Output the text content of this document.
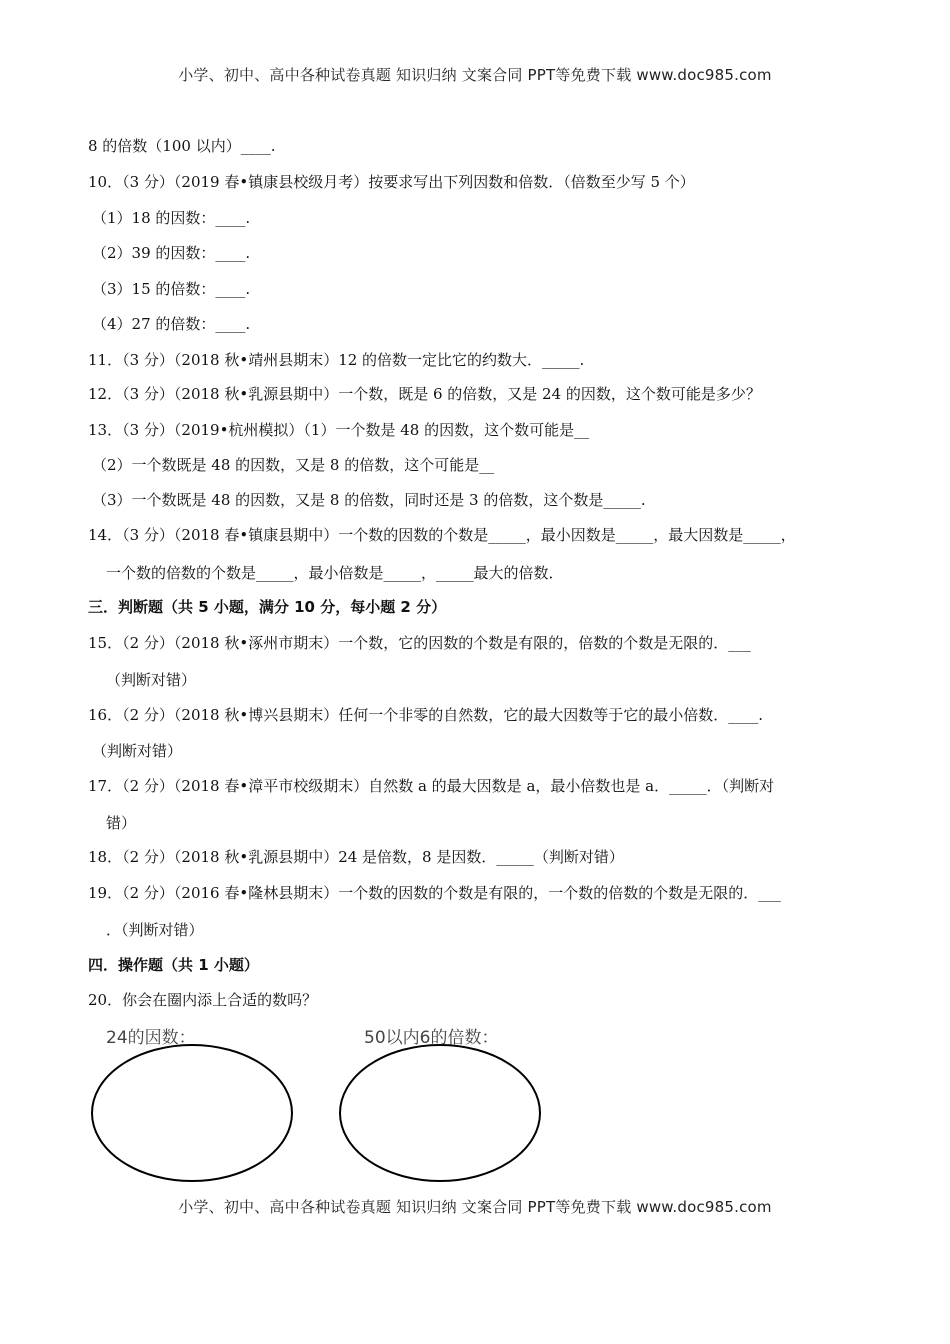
小学、初中、高中各种试卷真题 知识归纳 文案合同 PPT等免费下载 www.doc985.com
8 的倍数（100 以内）____.
10．（3 分）（2019 春•镇康县校级月考）按要求写出下列因数和倍数．（倍数至少写 5 个）
（1）18 的因数：____.
（2）39 的因数：____.
（3）15 的倍数：____.
（4）27 的倍数：____.
11．（3 分）（2018 秋•靖州县期末）12 的倍数一定比它的约数大．_____.
12．（3 分）（2018 秋•乳源县期中）一个数，既是 6 的倍数，又是 24 的因数，这个数可能是多少？
13．（3 分）（2019•杭州模拟）（1）一个数是 48 的因数，这个数可能是__
（2）一个数既是 48 的因数，又是 8 的倍数，这个可能是__
（3）一个数既是 48 的因数，又是 8 的倍数，同时还是 3 的倍数，这个数是_____.
14．（3 分）（2018 春•镇康县期中）一个数的因数的个数是_____，最小因数是_____，最大因数是_____，
一个数的倍数的个数是_____，最小倍数是_____，_____最大的倍数．
三．判断题（共 5 小题，满分 10 分，每小题 2 分）
15．（2 分）（2018 秋•涿州市期末）一个数，它的因数的个数是有限的，倍数的个数是无限的．___
（判断对错）
16．（2 分）（2018 秋•博兴县期末）任何一个非零的自然数，它的最大因数等于它的最小倍数．____.
（判断对错）
17．（2 分）（2018 春•漳平市校级期末）自然数 a 的最大因数是 a，最小倍数也是 a．_____．（判断对
错）
18．（2 分）（2018 秋•乳源县期中）24 是倍数，8 是因数．_____（判断对错）
19．（2 分）（2016 春•隆林县期末）一个数的因数的个数是有限的，一个数的倍数的个数是无限的．___
．（判断对错）
四．操作题（共 1 小题）
20．你会在圈内添上合适的数吗？
24的因数：	50以内6的倍数：
小学、初中、高中各种试卷真题 知识归纳 文案合同 PPT等免费下载 www.doc985.com
